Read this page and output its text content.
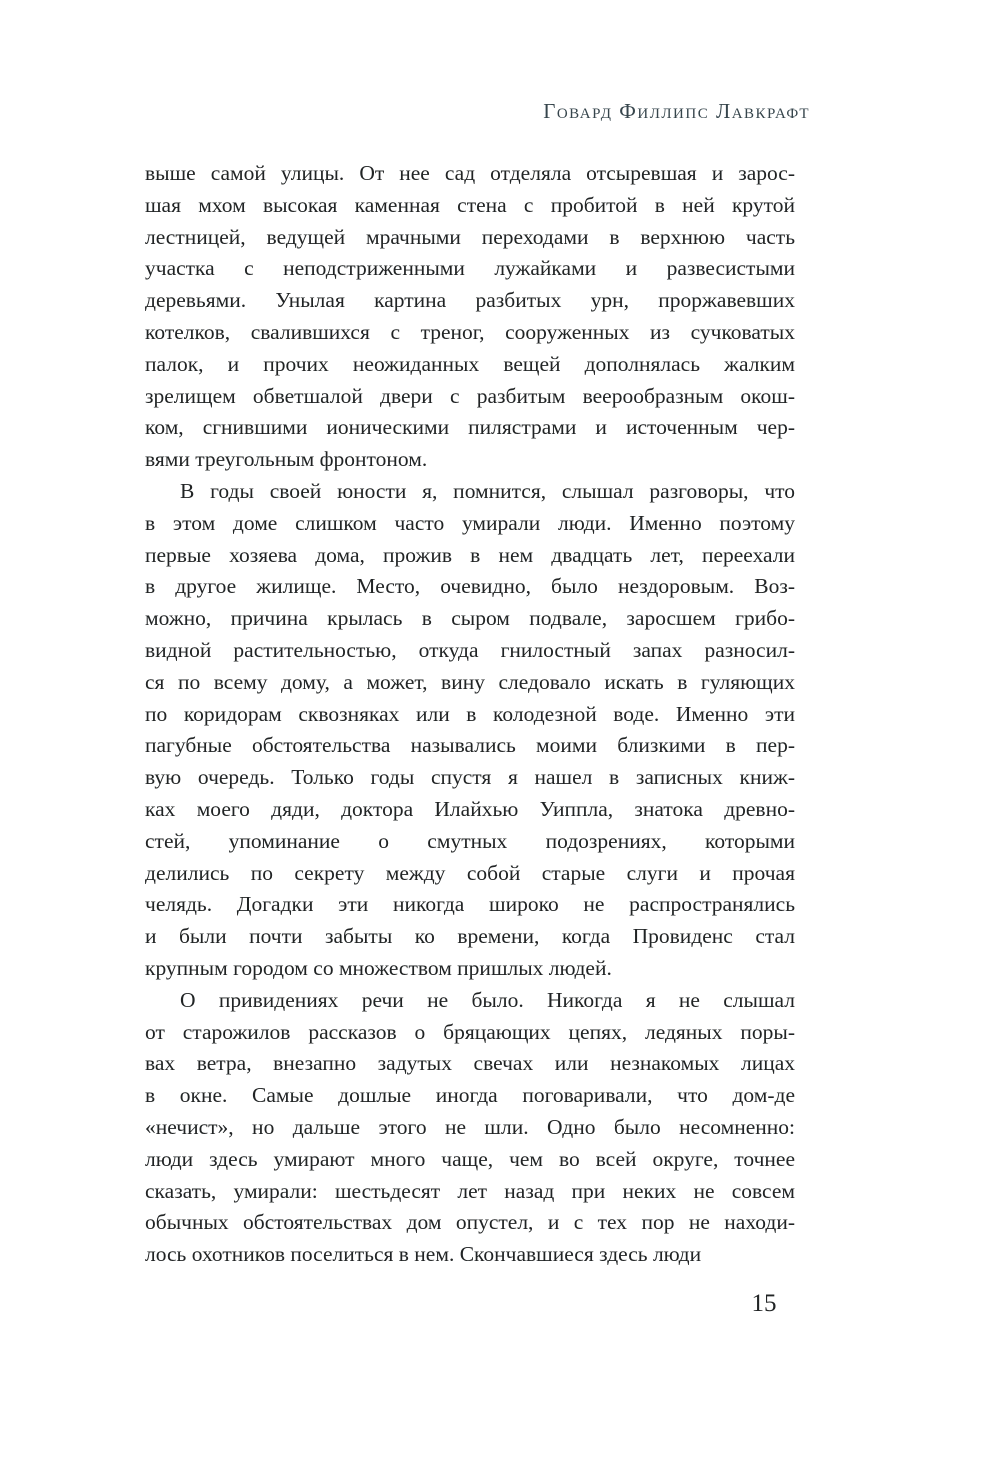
Говард Филлипс Лавкрафт
выше самой улицы. От нее сад отделяла отсыревшая и зарос-
шая мхом высокая каменная стена с пробитой в ней крутой
лестницей, ведущей мрачными переходами в верхнюю часть
участка с неподстриженными лужайками и развесистыми
деревьями. Унылая картина разбитых урн, проржавевших
котелков, свалившихся с треног, сооруженных из сучковатых
палок, и прочих неожиданных вещей дополнялась жалким
зрелищем обветшалой двери с разбитым веерообразным окош-
ком, сгнившими ионическими пилястрами и источенным чер-
вями треугольным фронтоном.
В годы своей юности я, помнится, слышал разговоры, что
в этом доме слишком часто умирали люди. Именно поэтому
первые хозяева дома, прожив в нем двадцать лет, переехали
в другое жилище. Место, очевидно, было нездоровым. Воз-
можно, причина крылась в сыром подвале, заросшем грибо-
видной растительностью, откуда гнилостный запах разносил-
ся по всему дому, а может, вину следовало искать в гуляющих
по коридорам сквозняках или в колодезной воде. Именно эти
пагубные обстоятельства назывались моими близкими в пер-
вую очередь. Только годы спустя я нашел в записных книж-
ках моего дяди, доктора Илайхью Уиппла, знатока древно-
стей, упоминание о смутных подозрениях, которыми
делились по секрету между собой старые слуги и прочая
челядь. Догадки эти никогда широко не распространялись
и были почти забыты ко времени, когда Провиденс стал
крупным городом со множеством пришлых людей.
О привидениях речи не было. Никогда я не слышал
от старожилов рассказов о бряцающих цепях, ледяных поры-
вах ветра, внезапно задутых свечах или незнакомых лицах
в окне. Самые дошлые иногда поговаривали, что дом-де
«нечист», но дальше этого не шли. Одно было несомненно:
люди здесь умирают много чаще, чем во всей округе, точнее
сказать, умирали: шестьдесят лет назад при неких не совсем
обычных обстоятельствах дом опустел, и с тех пор не находи-
лось охотников поселиться в нем. Скончавшиеся здесь люди
15
